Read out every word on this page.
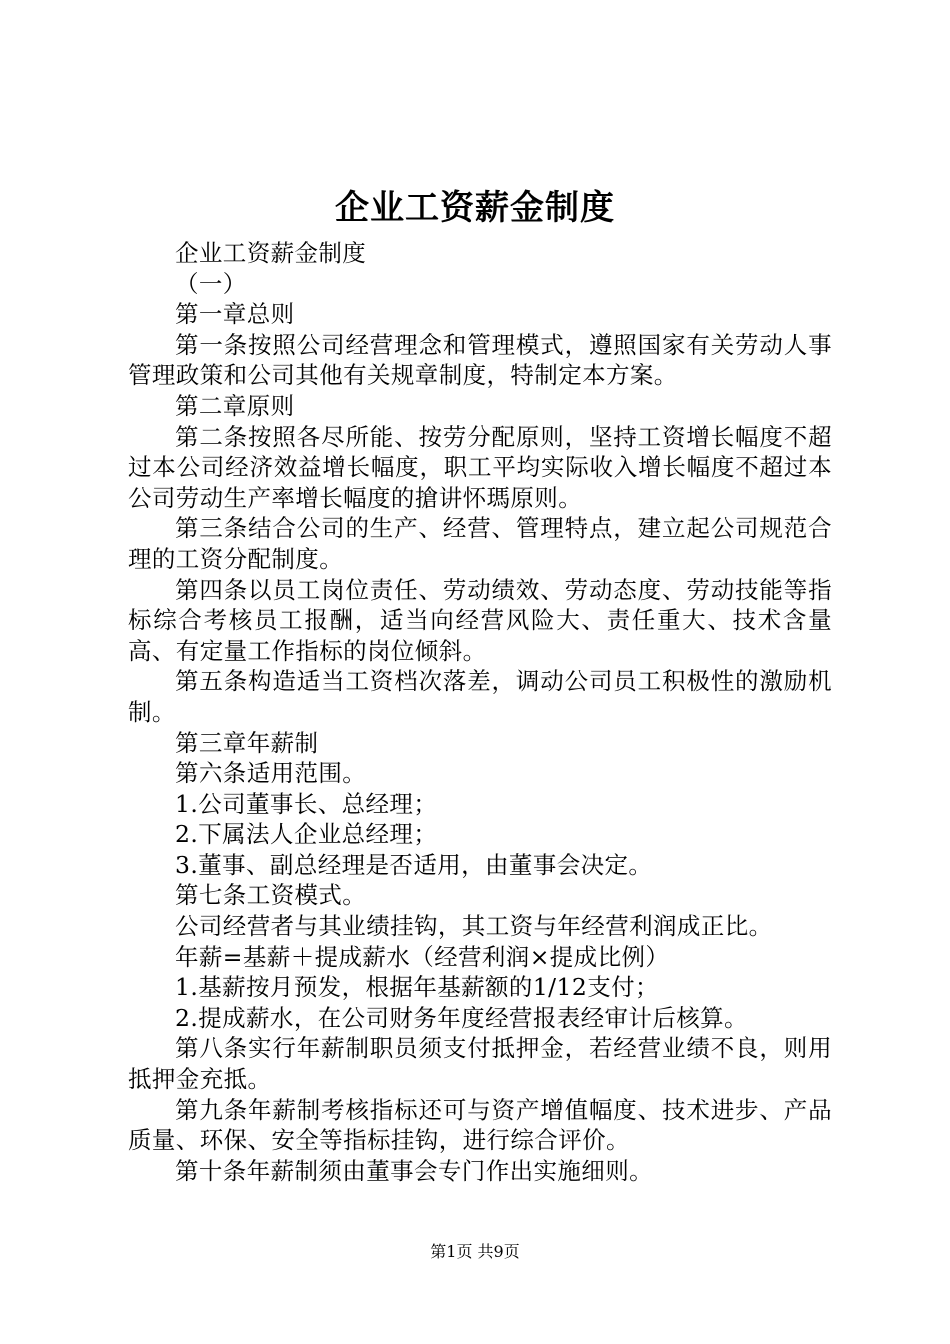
企业工资薪金制度

企业工资薪金制度

（一）

第一章总则

第一条按照公司经营理念和管理模式，遵照国家有关劳动人事管理政策和公司其他有关规章制度，特制定本方案。

第二章原则

第二条按照各尽所能、按劳分配原则，坚持工资增长幅度不超过本公司经济效益增长幅度，职工平均实际收入增长幅度不超过本公司劳动生产率增长幅度的搶讲怀瑪原则。

第三条结合公司的生产、经营、管理特点，建立起公司规范合理的工资分配制度。

第四条以员工岗位责任、劳动绩效、劳动态度、劳动技能等指标综合考核员工报酬，适当向经营风险大、责任重大、技术含量高、有定量工作指标的岗位倾斜。

第五条构造适当工资档次落差，调动公司员工积极性的激励机制。

第三章年薪制

第六条适用范围。

1.公司董事长、总经理；

2.下属法人企业总经理；

3.董事、副总经理是否适用，由董事会决定。

第七条工资模式。

公司经营者与其业绩挂钩，其工资与年经营利润成正比。

年薪=基薪＋提成薪水（经营利润×提成比例）

1.基薪按月预发，根据年基薪额的1/12支付；

2.提成薪水，在公司财务年度经营报表经审计后核算。

第八条实行年薪制职员须支付抵押金，若经营业绩不良，则用抵押金充抵。

第九条年薪制考核指标还可与资产增值幅度、技术进步、产品质量、环保、安全等指标挂钩，进行综合评价。

第十条年薪制须由董事会专门作出实施细则。

第1页 共9页
